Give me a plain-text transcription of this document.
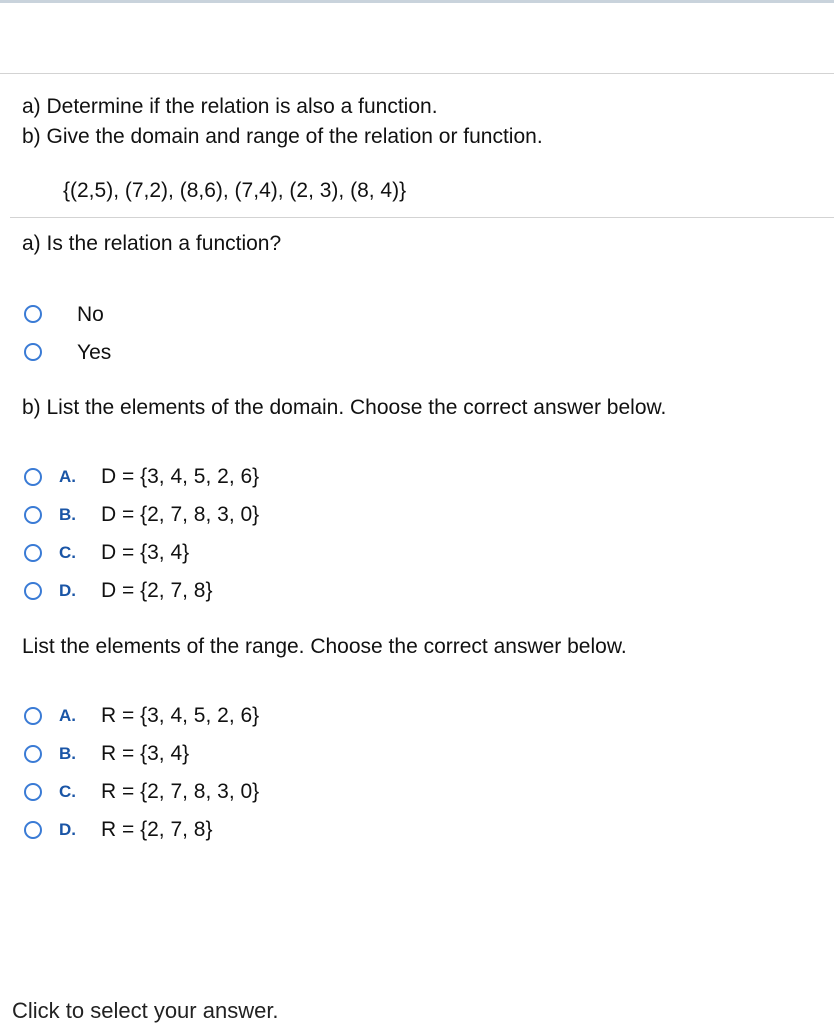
a) Determine if the relation is also a function.
b) Give the domain and range of the relation or function.
{(2,5), (7,2), (8,6), (7,4), (2, 3), (8, 4)}
a) Is the relation a function?
No
Yes
b) List the elements of the domain. Choose the correct answer below.
A. D = {3, 4, 5, 2, 6}
B. D = {2, 7, 8, 3, 0}
C. D = {3, 4}
D. D = {2, 7, 8}
List the elements of the range. Choose the correct answer below.
A. R = {3, 4, 5, 2, 6}
B. R = {3, 4}
C. R = {2, 7, 8, 3, 0}
D. R = {2, 7, 8}
Click to select your answer.
